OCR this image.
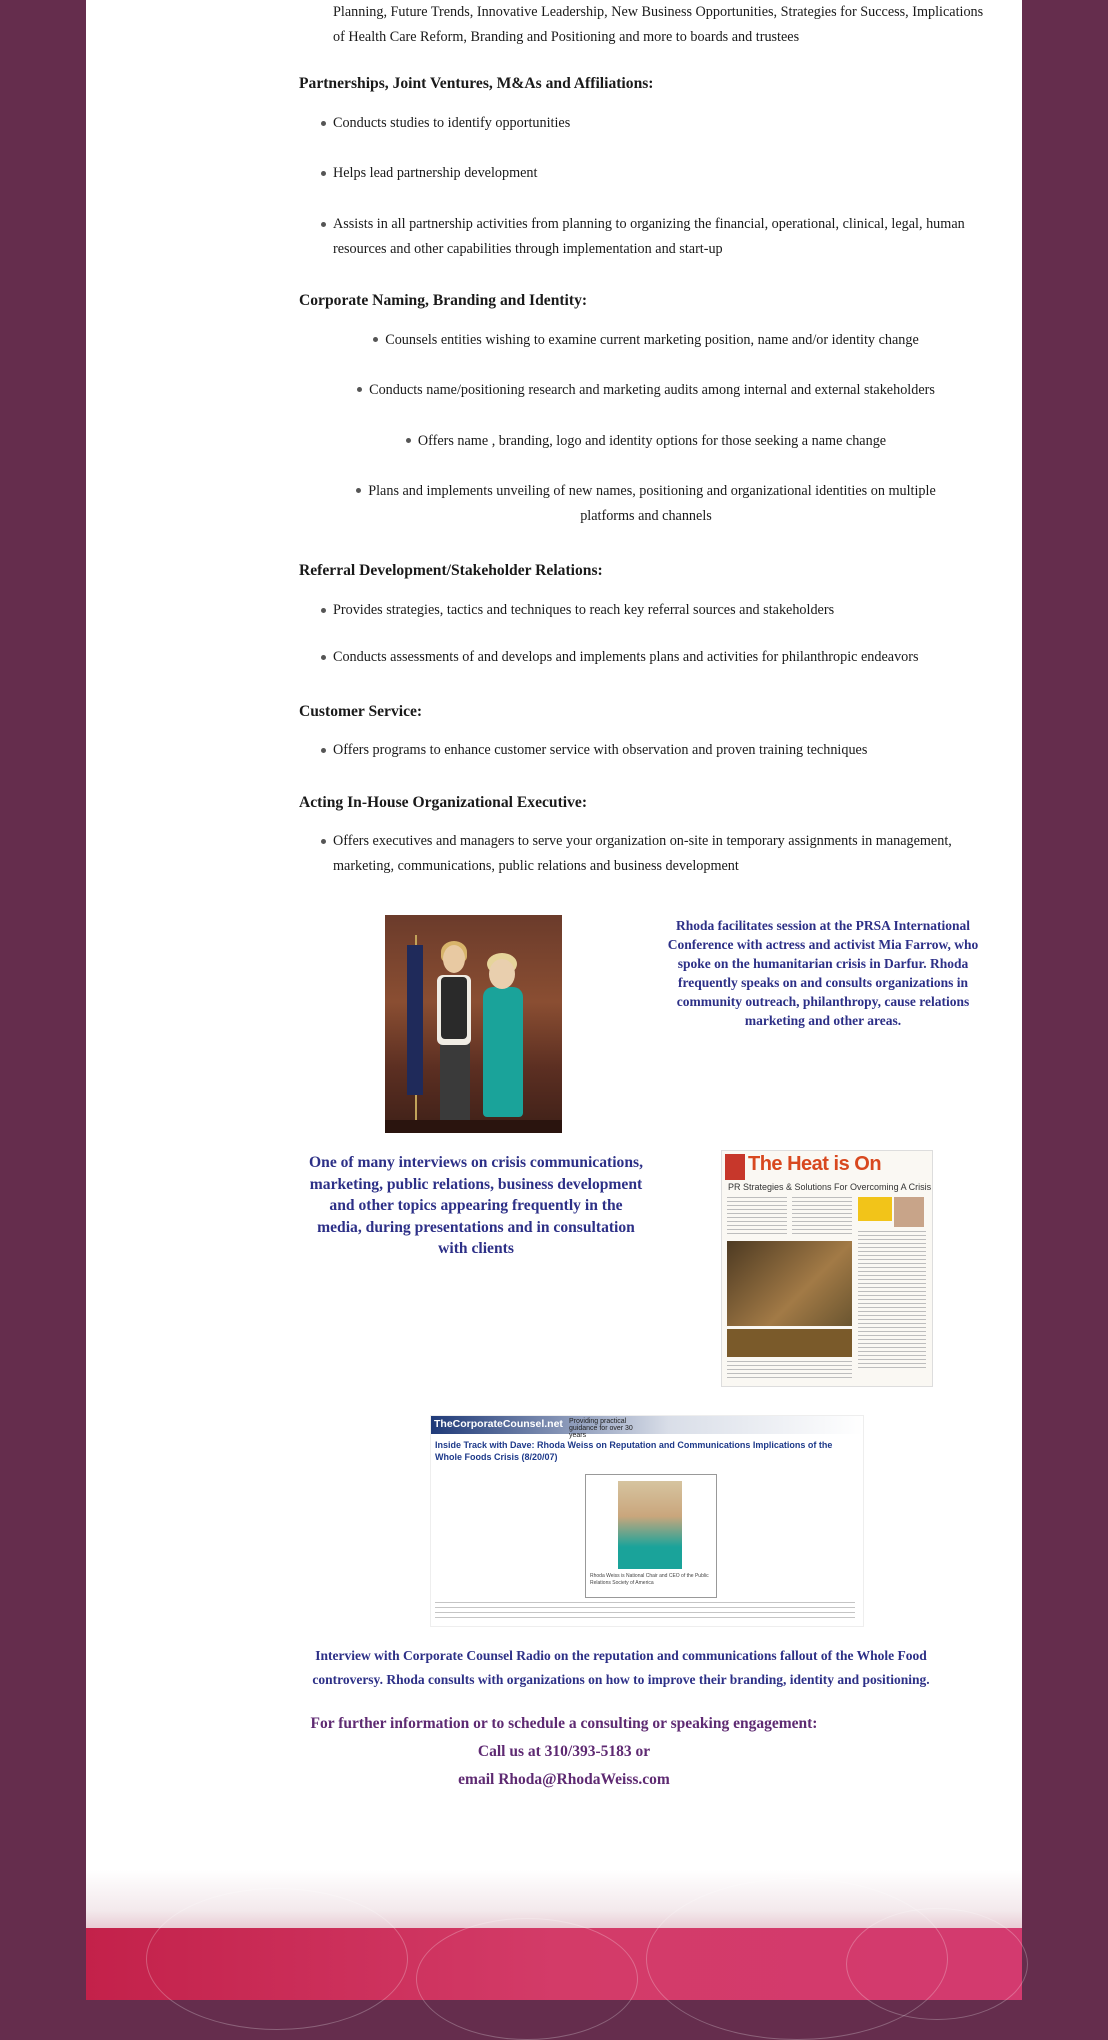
Planning, Future Trends, Innovative Leadership, New Business Opportunities, Strategies for Success, Implications of Health Care Reform, Branding and Positioning and more to boards and trustees

Partnerships, Joint Ventures, M&As and Affiliations:

Conducts studies to identify opportunities
Helps lead partnership development
Assists in all partnership activities from planning to organizing the financial, operational, clinical, legal, human resources and other capabilities through implementation and start-up

Corporate Naming, Branding and Identity:

Counsels entities wishing to examine current marketing position, name and/or identity change
Conducts name/positioning research and marketing audits among internal and external stakeholders
Offers name , branding, logo and identity options for those seeking a name change
Plans and implements unveiling of new names, positioning and organizational identities on multiple platforms and channels

Referral Development/Stakeholder Relations:

Provides strategies, tactics and techniques to reach key referral sources and stakeholders
Conducts assessments of and develops and implements plans and activities for philanthropic endeavors

Customer Service:

Offers programs to enhance customer service with observation and proven training techniques

Acting In-House Organizational Executive:

Offers executives and managers to serve your organization on-site in temporary assignments in management, marketing, communications, public relations and business development

Rhoda facilitates session at the PRSA International Conference with actress and activist Mia Farrow, who spoke on the humanitarian crisis in Darfur. Rhoda frequently speaks on and consults organizations in community outreach, philanthropy, cause relations marketing and other areas.

One of many interviews on crisis communications, marketing, public relations, business development and other topics appearing frequently in the media, during presentations and in consultation with clients

The Heat is On
PR Strategies & Solutions For Overcoming A Crisis
TheCorporateCounsel.net Providing practical guidance for over 30 years
Inside Track with Dave: Rhoda Weiss on Reputation and Communications Implications of the Whole Foods Crisis (8/20/07)
Rhoda Weiss is National Chair and CEO of the Public Relations Society of America

Interview with Corporate Counsel Radio on the reputation and communications fallout of the Whole Food controversy. Rhoda consults with organizations on how to improve their branding, identity and positioning.

For further information or to schedule a consulting or speaking engagement:

Call us at 310/393-5183 or

email Rhoda@RhodaWeiss.com
